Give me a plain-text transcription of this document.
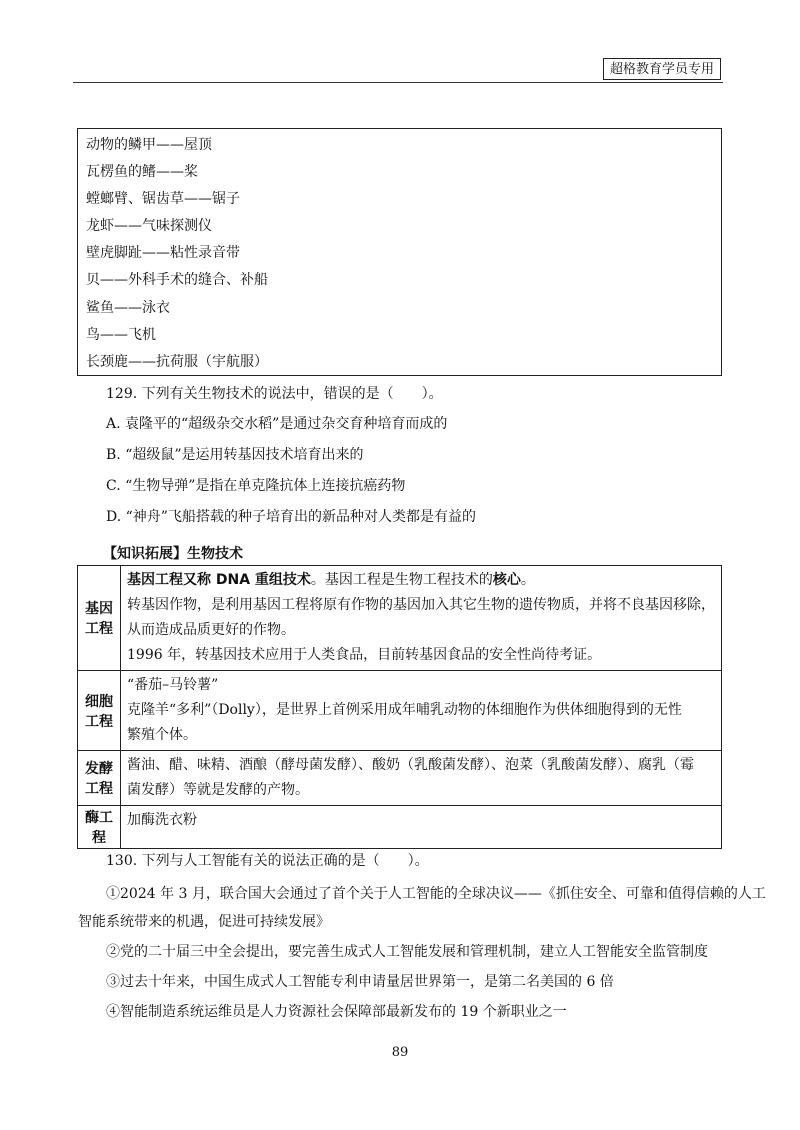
超格教育学员专用
动物的鳞甲——屋顶
瓦楞鱼的鳍——桨
螳螂臂、锯齿草——锯子
龙虾——气味探测仪
壁虎脚趾——粘性录音带
贝——外科手术的缝合、补船
鲨鱼——泳衣
鸟——飞机
长颈鹿——抗荷服（宇航服）
129. 下列有关生物技术的说法中，错误的是（　　）。
A. 袁隆平的“超级杂交水稻”是通过杂交育种培育而成的
B. “超级鼠”是运用转基因技术培育出来的
C. “生物导弹”是指在单克隆抗体上连接抗癌药物
D. “神舟”飞船搭载的种子培育出的新品种对人类都是有益的
【知识拓展】生物技术
基因工程	基因工程又称 DNA 重组技术。基因工程是生物工程技术的核心。
转基因作物，是利用基因工程将原有作物的基因加入其它生物的遗传物质，并将不良基因移除，
从而造成品质更好的作物。
1996 年，转基因技术应用于人类食品，目前转基因食品的安全性尚待考证。

细胞工程	“番茄–马铃薯”
克隆羊“多利”（Dolly），是世界上首例采用成年哺乳动物的体细胞作为供体细胞得到的无性
繁殖个体。

发酵工程	酱油、醋、味精、酒酿（酵母菌发酵）、酸奶（乳酸菌发酵）、泡菜（乳酸菌发酵）、腐乳（霉
菌发酵）等就是发酵的产物。

酶工程	加酶洗衣粉
130. 下列与人工智能有关的说法正确的是（　　）。
①2024 年 3 月，联合国大会通过了首个关于人工智能的全球决议——《抓住安全、可靠和值得信赖的人工
智能系统带来的机遇，促进可持续发展》
②党的二十届三中全会提出，要完善生成式人工智能发展和管理机制，建立人工智能安全监管制度
③过去十年来，中国生成式人工智能专利申请量居世界第一，是第二名美国的 6 倍
④智能制造系统运维员是人力资源社会保障部最新发布的 19 个新职业之一
89
